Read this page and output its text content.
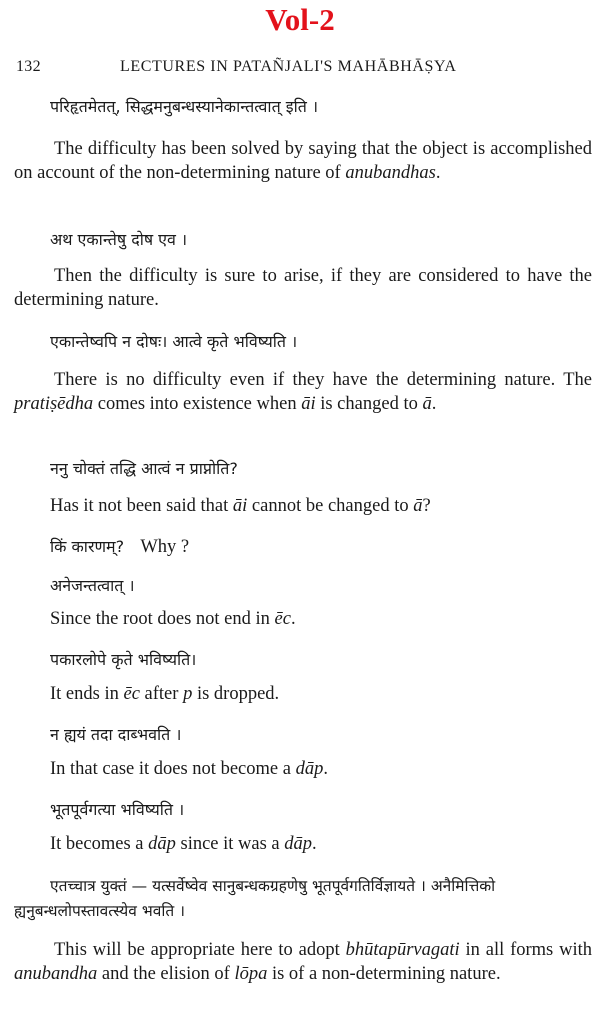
Vol-2
132	LECTURES IN PATAÑJALI'S MAHĀBHĀṢYA
परिहृतमेतत्, सिद्धमनुबन्धस्यानेकान्तत्वात् इति ।
The difficulty has been solved by saying that the object is accomplished on account of the non-determining nature of anubandhas.
अथ एकान्तेषु दोष एव ।
Then the difficulty is sure to arise, if they are considered to have the determining nature.
एकान्तेष्वपि न दोषः। आत्वे कृते भविष्यति ।
There is no difficulty even if they have the determining nature. The pratiṣēdha comes into existence when āi is changed to ā.
ननु चोक्तं तद्धि आत्वं न प्राप्नोति?
Has it not been said that āi cannot be changed to ā?
किं कारणम्? Why ?
अनेजन्तत्वात् ।
Since the root does not end in ēc.
पकारलोपे कृते भविष्यति।
It ends in ēc after p is dropped.
न ह्ययं तदा दाब्भवति ।
In that case it does not become a dāp.
भूतपूर्वगत्या भविष्यति ।
It becomes a dāp since it was a dāp.
एतच्चात्र युक्तं — यत्सर्वेष्वेव सानुबन्धकग्रहणेषु भूतपूर्वगतिर्विज्ञायते । अनैमित्तिको ह्यनुबन्धलोपस्तावत्स्येव भवति ।
This will be appropriate here to adopt bhūtapūrvagati in all forms with anubandha and the elision of lōpa is of a non-determining nature.
